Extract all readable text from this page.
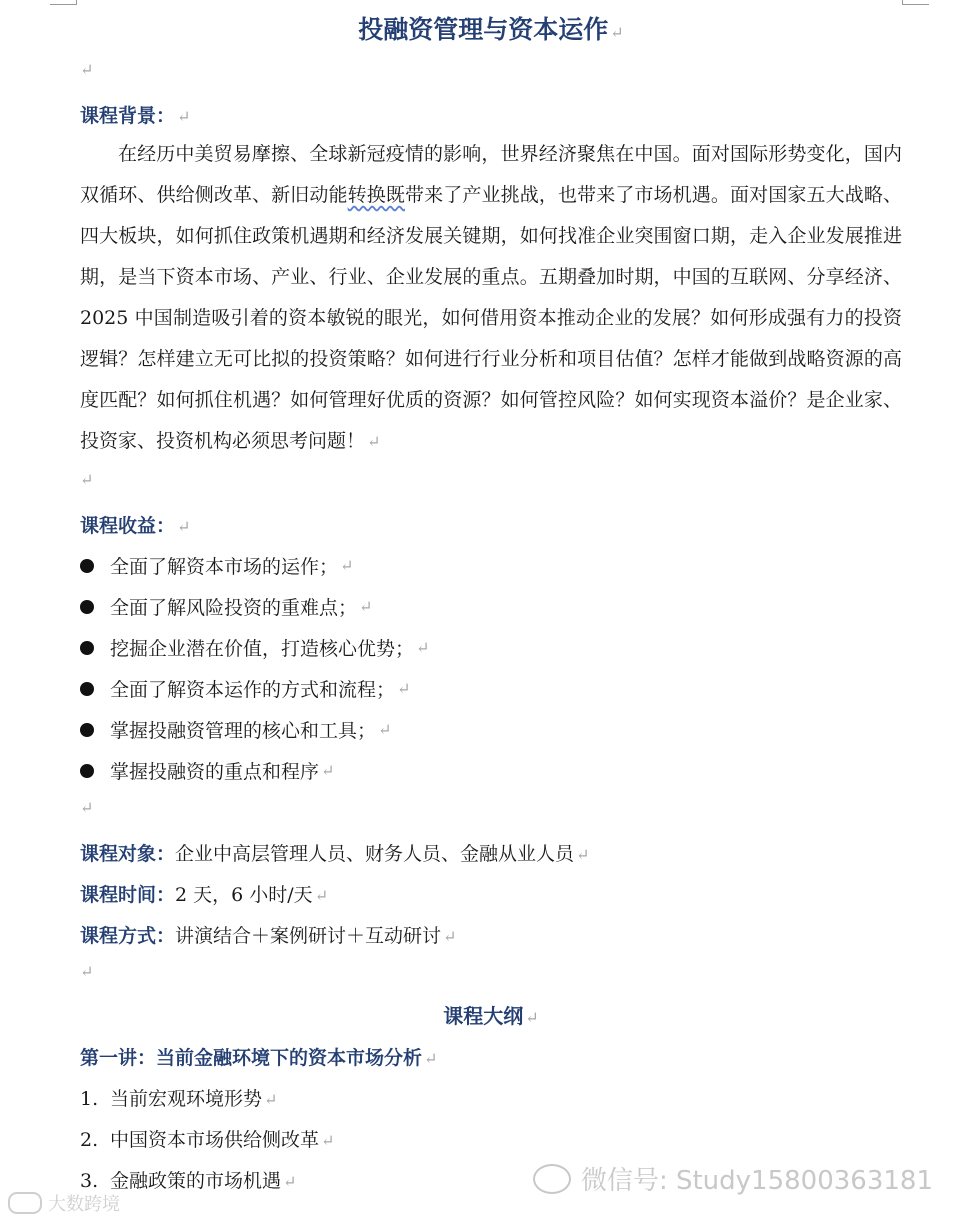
投融资管理与资本运作 ↵
↵
课程背景： ↵
在经历中美贸易摩擦、全球新冠疫情的影响，世界经济聚焦在中国。面对国际形势变化，国内双循环、供给侧改革、新旧动能转换既带来了产业挑战，也带来了市场机遇。面对国家五大战略、四大板块，如何抓住政策机遇期和经济发展关键期，如何找准企业突围窗口期，走入企业发展推进期，是当下资本市场、产业、行业、企业发展的重点。五期叠加时期，中国的互联网、分享经济、2025 中国制造吸引着的资本敏锐的眼光，如何借用资本推动企业的发展？如何形成强有力的投资逻辑？怎样建立无可比拟的投资策略？如何进行行业分析和项目估值？怎样才能做到战略资源的高度匹配？如何抓住机遇？如何管理好优质的资源？如何管控风险？如何实现资本溢价？是企业家、投资家、投资机构必须思考问题！ ↵
↵
课程收益： ↵
全面了解资本市场的运作； ↵
全面了解风险投资的重难点； ↵
挖掘企业潜在价值，打造核心优势； ↵
全面了解资本运作的方式和流程； ↵
掌握投融资管理的核心和工具； ↵
掌握投融资的重点和程序 ↵
↵
课程对象：企业中高层管理人员、财务人员、金融从业人员 ↵
课程时间：2 天，6 小时/天 ↵
课程方式：讲演结合＋案例研讨＋互动研讨 ↵
↵
课程大纲 ↵
第一讲：当前金融环境下的资本市场分析 ↵
1. 当前宏观环境形势 ↵
2. 中国资本市场供给侧改革 ↵
3. 金融政策的市场机遇 ↵	微信号: Study15800363181
大数跨境
